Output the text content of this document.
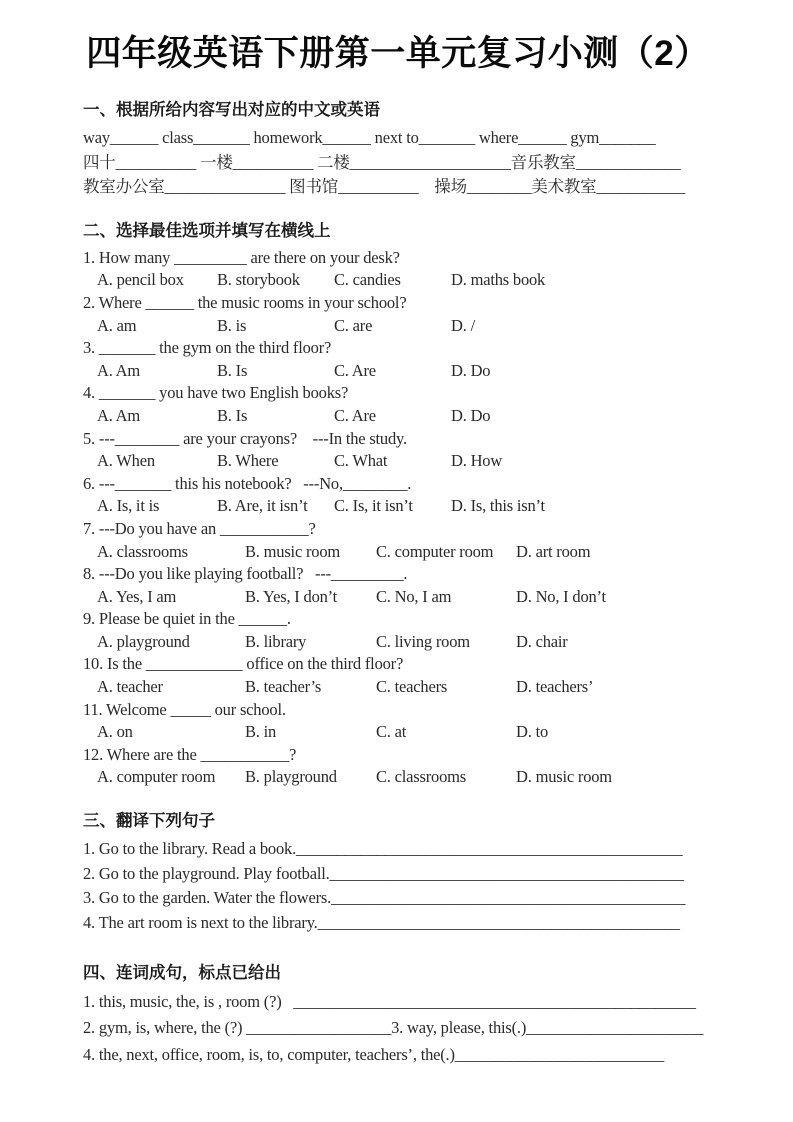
四年级英语下册第一单元复习小测（2）
一、根据所给内容写出对应的中文或英语
way______ class_______ homework______ next to_______ where______ gym_______
四十__________ 一楼__________ 二楼____________________音乐教室_____________
教室办公室_______________ 图书馆__________    操场________美术教室___________
二、选择最佳选项并填写在横线上
1. How many _________ are there on your desk?
A. pencil box	B. storybook	C. candies	D. maths book
2. Where ______ the music rooms in your school?
A. am	B. is	C. are	D. /
3. _______ the gym on the third floor?
A. Am	B. Is	C. Are	D. Do
4. _______ you have two English books?
A. Am	B. Is	C. Are	D. Do
5. ---________ are your crayons?    ---In the study.
A. When	B. Where	C. What	D. How
6. ---_______ this his notebook?   ---No,________.
A. Is, it is	B. Are, it isn’t	C. Is, it isn’t	D. Is, this isn’t
7. ---Do you have an ___________?
A. classrooms	B. music room	C. computer room	D. art room
8. ---Do you like playing football?   ---_________.
A. Yes, I am	B. Yes, I don’t	C. No, I am	D. No, I don’t
9. Please be quiet in the ______.
A. playground	B. library	C. living room	D. chair
10. Is the ____________ office on the third floor?
A. teacher	B. teacher’s	C. teachers	D. teachers’
11. Welcome _____ our school.
A. on	B. in	C. at	D. to
12. Where are the ___________?
A. computer room	B. playground	C. classrooms	D. music room
三、翻译下列句子
1. Go to the library. Read a book.________________________________________________
2. Go to the playground. Play football.____________________________________________
3. Go to the garden. Water the flowers.____________________________________________
4. The art room is next to the library._____________________________________________
四、连词成句，标点已给出
1. this, music, the, is , room (?)   __________________________________________________
2. gym, is, where, the (?) __________________3. way, please, this(.)______________________
4. the, next, office, room, is, to, computer, teachers’, the(.)__________________________
